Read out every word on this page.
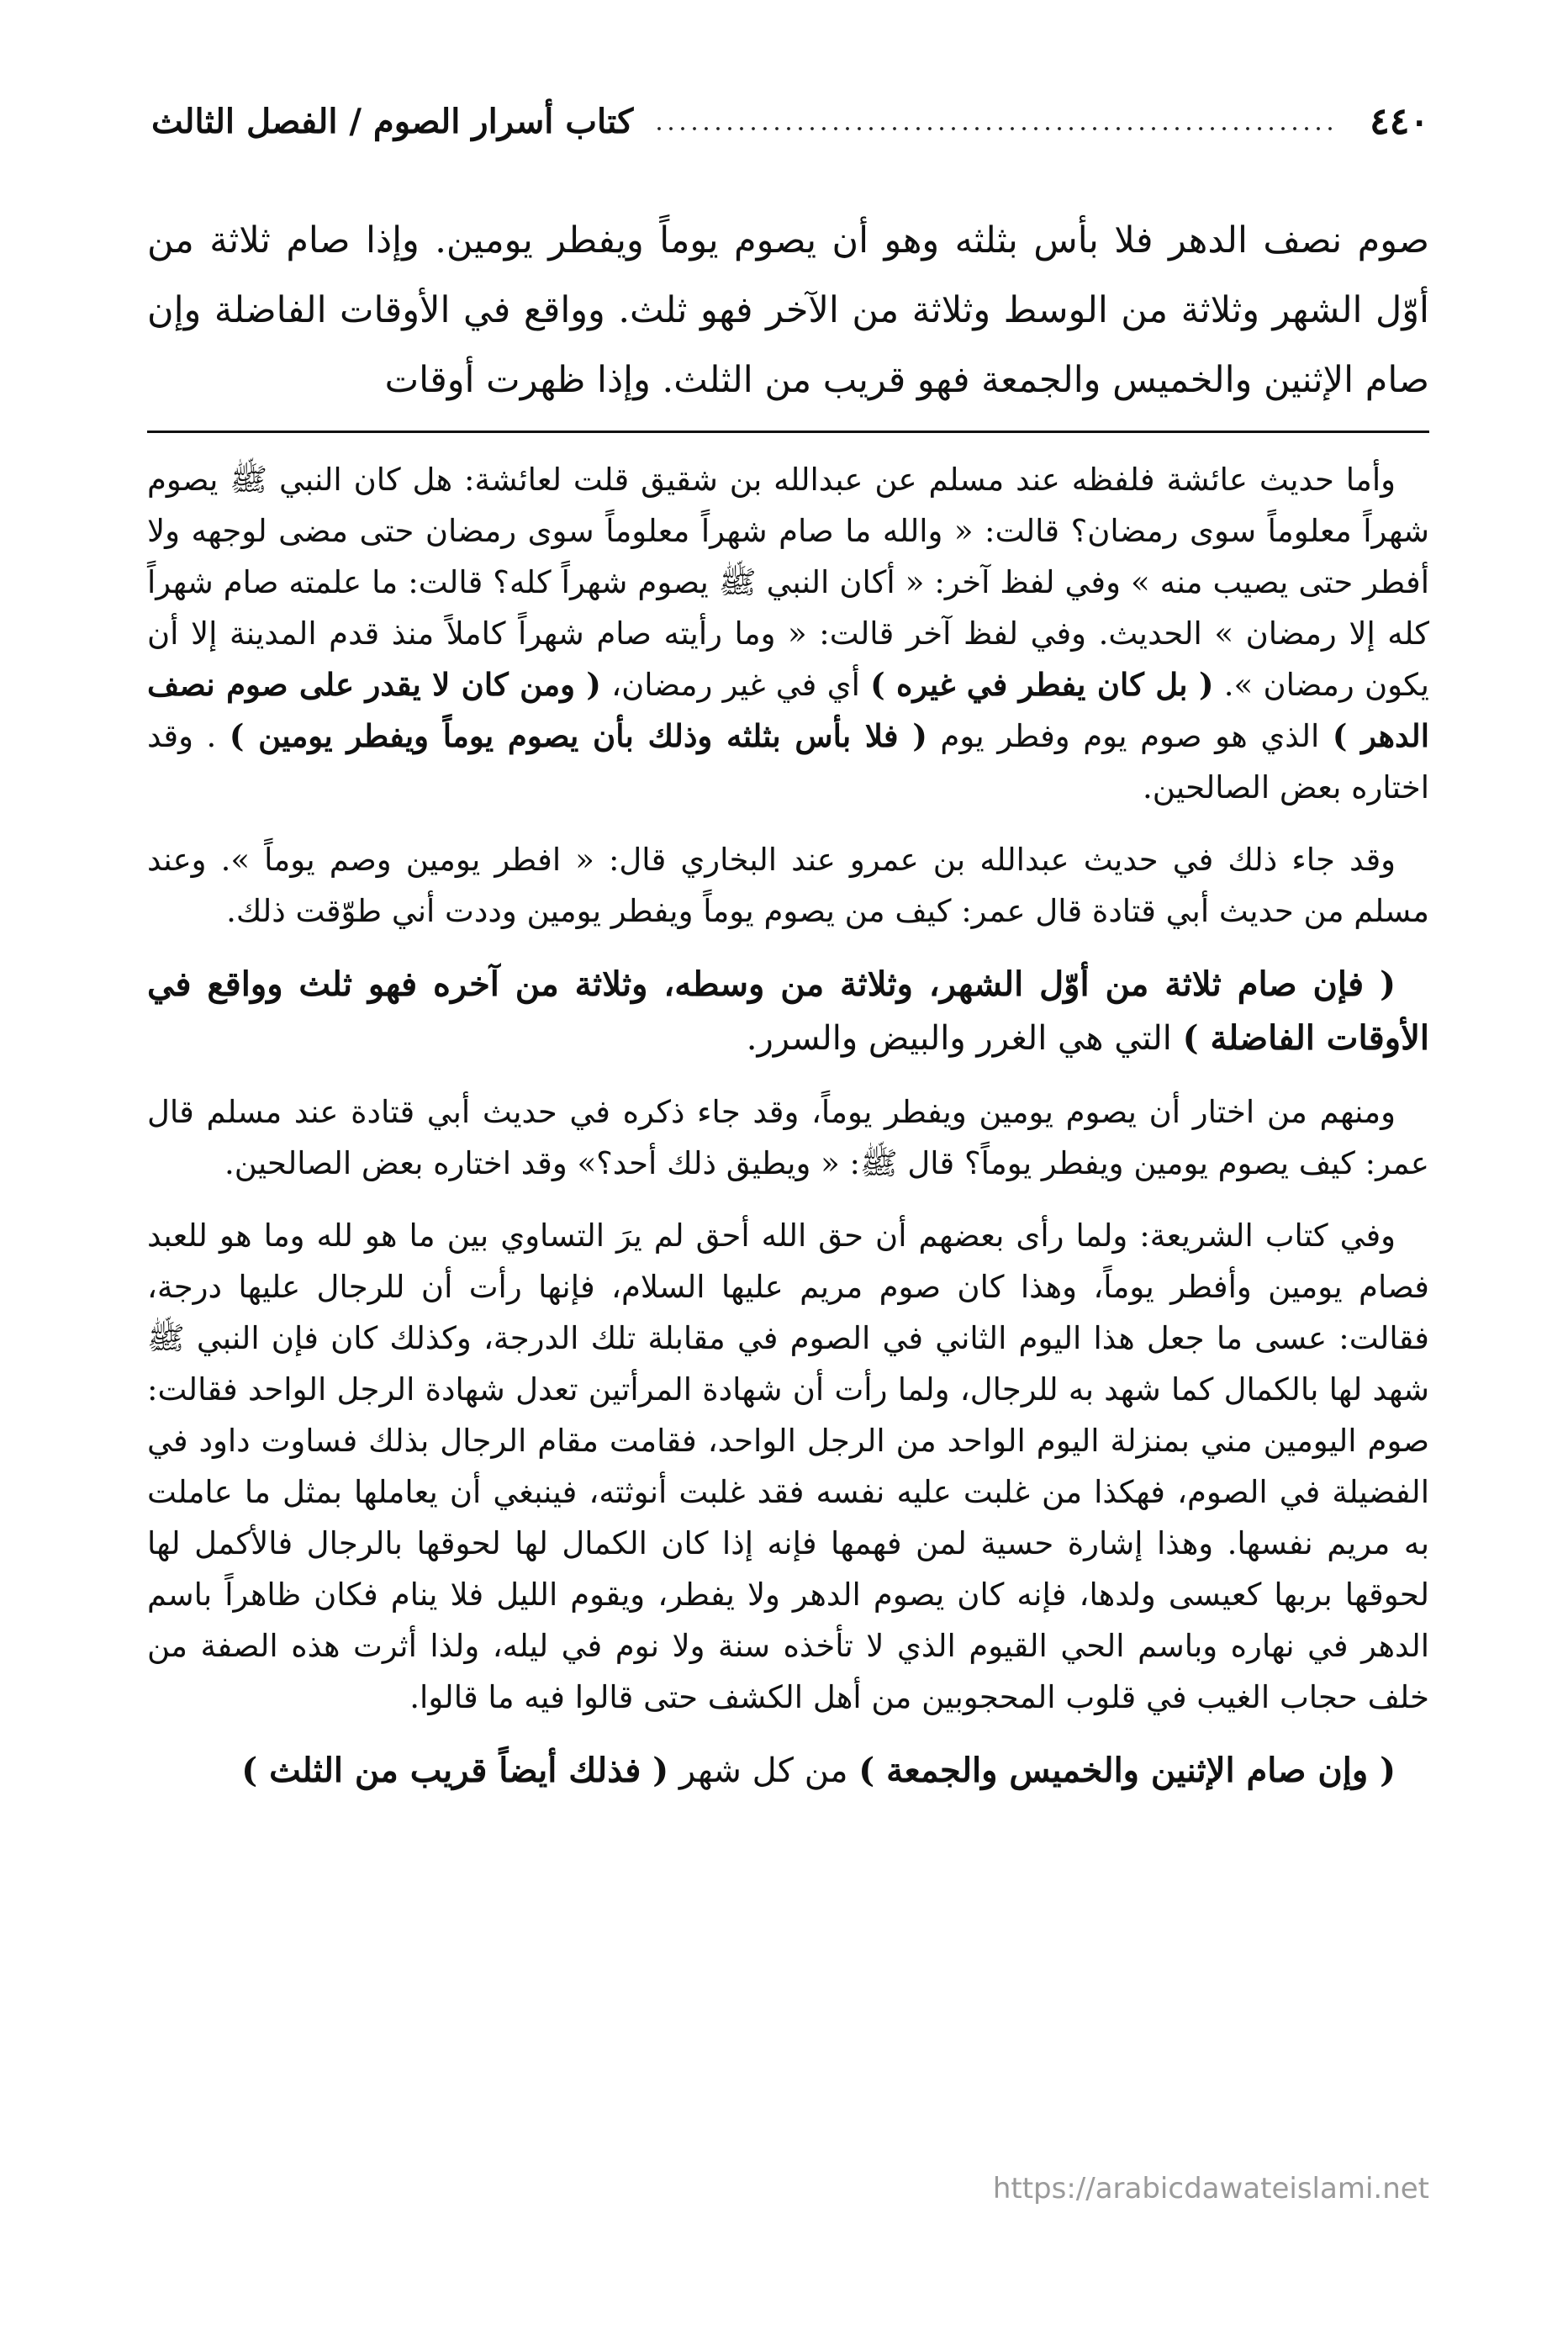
٤٤٠
كتاب أسرار الصوم / الفصل الثالث

صوم نصف الدهر فلا بأس بثلثه وهو أن يصوم يوماً ويفطر يومين. وإذا صام ثلاثة من أوّل الشهر وثلاثة من الوسط وثلاثة من الآخر فهو ثلث. وواقع في الأوقات الفاضلة وإن صام الإثنين والخميس والجمعة فهو قريب من الثلث. وإذا ظهرت أوقات

وأما حديث عائشة فلفظه عند مسلم عن عبدالله بن شقيق قلت لعائشة: هل كان النبي ﷺ يصوم شهراً معلوماً سوى رمضان؟ قالت: « والله ما صام شهراً معلوماً سوى رمضان حتى مضى لوجهه ولا أفطر حتى يصيب منه » وفي لفظ آخر: « أكان النبي ﷺ يصوم شهراً كله؟ قالت: ما علمته صام شهراً كله إلا رمضان » الحديث. وفي لفظ آخر قالت: « وما رأيته صام شهراً كاملاً منذ قدم المدينة إلا أن يكون رمضان ». ( بل كان يفطر في غيره ) أي في غير رمضان، ( ومن كان لا يقدر على صوم نصف الدهر ) الذي هو صوم يوم وفطر يوم ( فلا بأس بثلثه وذلك بأن يصوم يوماً ويفطر يومين ) . وقد اختاره بعض الصالحين.

وقد جاء ذلك في حديث عبدالله بن عمرو عند البخاري قال: « افطر يومين وصم يوماً ». وعند مسلم من حديث أبي قتادة قال عمر: كيف من يصوم يوماً ويفطر يومين وددت أني طوّقت ذلك.

( فإن صام ثلاثة من أوّل الشهر، وثلاثة من وسطه، وثلاثة من آخره فهو ثلث وواقع في الأوقات الفاضلة ) التي هي الغرر والبيض والسرر.

ومنهم من اختار أن يصوم يومين ويفطر يوماً، وقد جاء ذكره في حديث أبي قتادة عند مسلم قال عمر: كيف يصوم يومين ويفطر يوماً؟ قال ﷺ: « ويطيق ذلك أحد؟» وقد اختاره بعض الصالحين.

وفي كتاب الشريعة: ولما رأى بعضهم أن حق الله أحق لم يرَ التساوي بين ما هو لله وما هو للعبد فصام يومين وأفطر يوماً، وهذا كان صوم مريم عليها السلام، فإنها رأت أن للرجال عليها درجة، فقالت: عسى ما جعل هذا اليوم الثاني في الصوم في مقابلة تلك الدرجة، وكذلك كان فإن النبي ﷺ شهد لها بالكمال كما شهد به للرجال، ولما رأت أن شهادة المرأتين تعدل شهادة الرجل الواحد فقالت: صوم اليومين مني بمنزلة اليوم الواحد من الرجل الواحد، فقامت مقام الرجال بذلك فساوت داود في الفضيلة في الصوم، فهكذا من غلبت عليه نفسه فقد غلبت أنوثته، فينبغي أن يعاملها بمثل ما عاملت به مريم نفسها. وهذا إشارة حسية لمن فهمها فإنه إذا كان الكمال لها لحوقها بالرجال فالأكمل لها لحوقها بربها كعيسى ولدها، فإنه كان يصوم الدهر ولا يفطر، ويقوم الليل فلا ينام فكان ظاهراً باسم الدهر في نهاره وباسم الحي القيوم الذي لا تأخذه سنة ولا نوم في ليله، ولذا أثرت هذه الصفة من خلف حجاب الغيب في قلوب المحجوبين من أهل الكشف حتى قالوا فيه ما قالوا.

( وإن صام الإثنين والخميس والجمعة ) من كل شهر ( فذلك أيضاً قريب من الثلث )

https://arabicdawateislami.net
